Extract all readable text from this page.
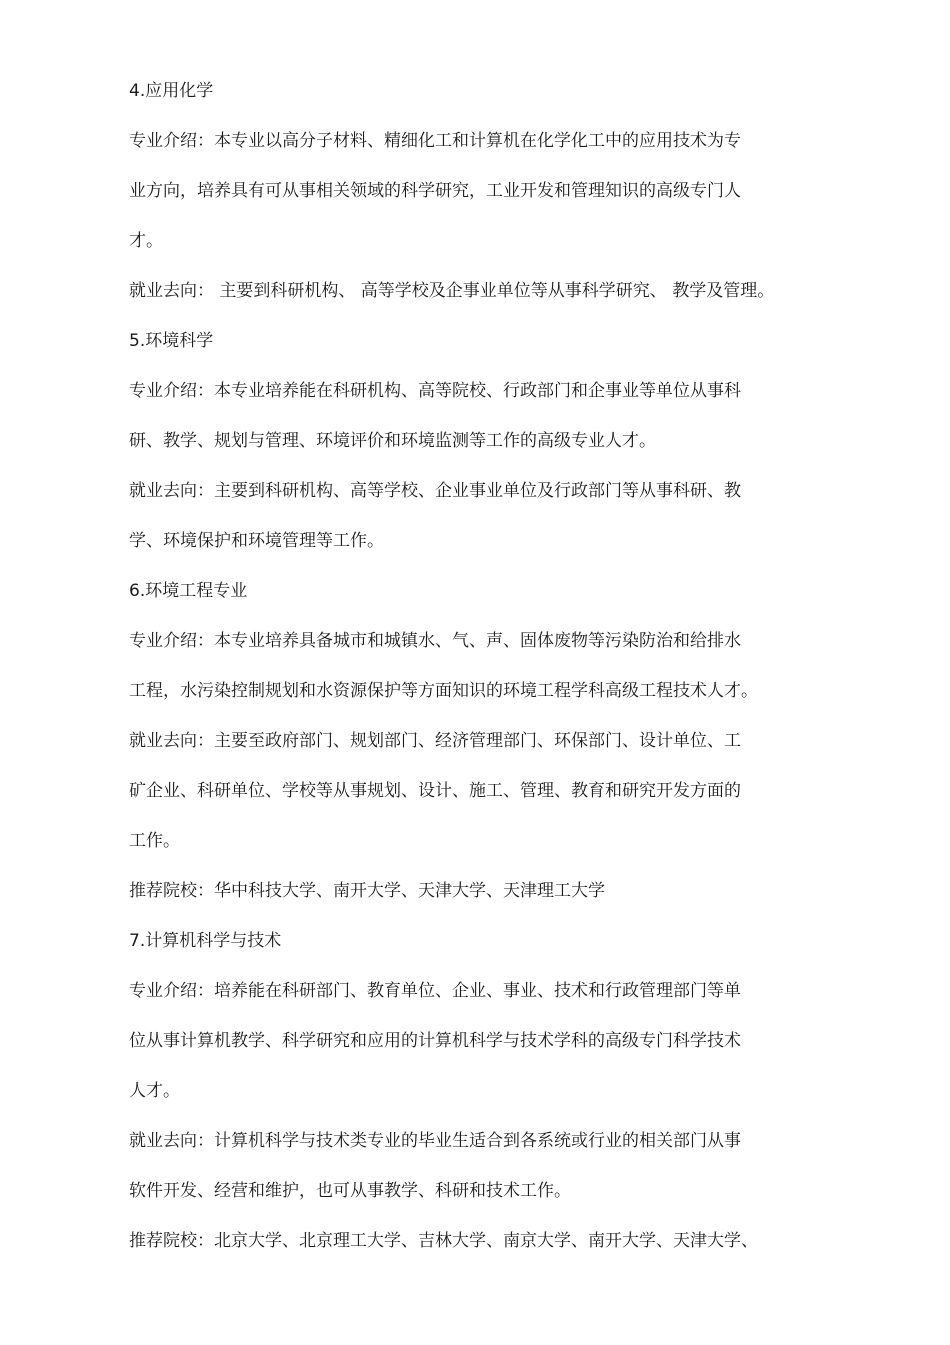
4.应用化学
专业介绍：本专业以高分子材料、精细化工和计算机在化学化工中的应用技术为专
业方向，培养具有可从事相关领域的科学研究，工业开发和管理知识的高级专门人
才。
就业去向： 主要到科研机构、 高等学校及企事业单位等从事科学研究、 教学及管理。
5.环境科学
专业介绍：本专业培养能在科研机构、高等院校、行政部门和企事业等单位从事科
研、教学、规划与管理、环境评价和环境监测等工作的高级专业人才。
就业去向：主要到科研机构、高等学校、企业事业单位及行政部门等从事科研、教
学、环境保护和环境管理等工作。
6.环境工程专业
专业介绍：本专业培养具备城市和城镇水、气、声、固体废物等污染防治和给排水
工程，水污染控制规划和水资源保护等方面知识的环境工程学科高级工程技术人才。
就业去向：主要至政府部门、规划部门、经济管理部门、环保部门、设计单位、工
矿企业、科研单位、学校等从事规划、设计、施工、管理、教育和研究开发方面的
工作。
推荐院校：华中科技大学、南开大学、天津大学、天津理工大学
7.计算机科学与技术
专业介绍：培养能在科研部门、教育单位、企业、事业、技术和行政管理部门等单
位从事计算机教学、科学研究和应用的计算机科学与技术学科的高级专门科学技术
人才。
就业去向：计算机科学与技术类专业的毕业生适合到各系统或行业的相关部门从事
软件开发、经营和维护，也可从事教学、科研和技术工作。
推荐院校：北京大学、北京理工大学、吉林大学、南京大学、南开大学、天津大学、
